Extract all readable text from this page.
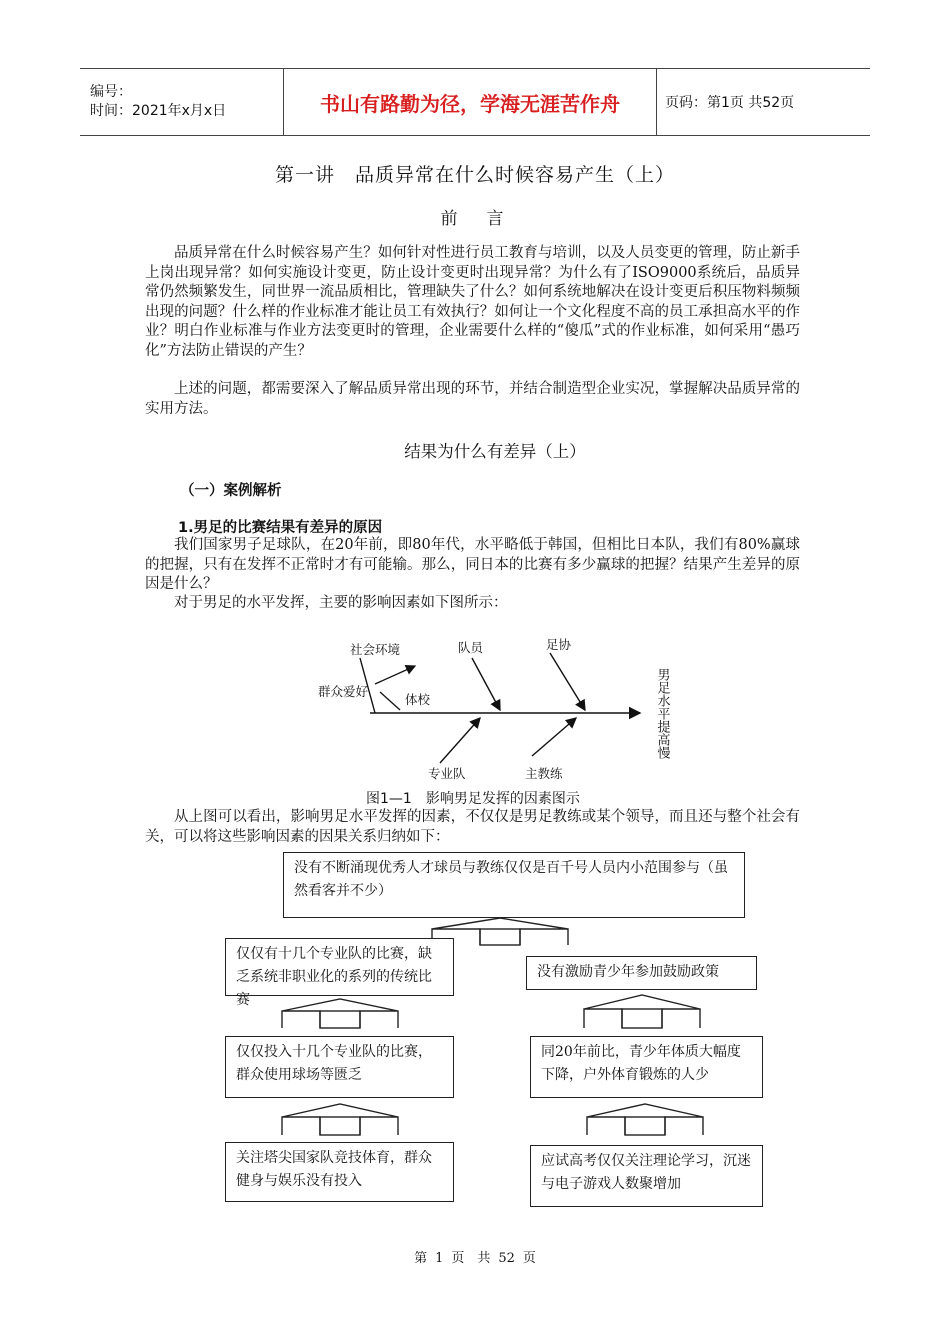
编号：
时间：2021年x月x日	书山有路勤为径，学海无涯苦作舟	页码：第1页 共52页
第一讲　品质异常在什么时候容易产生（上）
前　言

品质异常在什么时候容易产生？如何针对性进行员工教育与培训，以及人员变更的管理，防止新手上岗出现异常？如何实施设计变更，防止设计变更时出现异常？为什么有了ISO9000系统后，品质异常仍然频繁发生，同世界一流品质相比，管理缺失了什么？如何系统地解决在设计变更后积压物料频频出现的问题？什么样的作业标准才能让员工有效执行？如何让一个文化程度不高的员工承担高水平的作业？明白作业标准与作业方法变更时的管理，企业需要什么样的“傻瓜”式的作业标准，如何采用“愚巧化”方法防止错误的产生？

上述的问题，都需要深入了解品质异常出现的环节，并结合制造型企业实况，掌握解决品质异常的实用方法。

结果为什么有差异（上）
（一）案例解析
1.男足的比赛结果有差异的原因

我们国家男子足球队，在20年前，即80年代，水平略低于韩国，但相比日本队，我们有80%赢球的把握，只有在发挥不正常时才有可能输。那么，同日本的比赛有多少赢球的把握？结果产生差异的原因是什么？

对于男足的水平发挥，主要的影响因素如下图所示：

社会环境	队员	足协
群众爱好
体校
专业队	主教练
男足水平提高慢
图1—1　影响男足发挥的因素图示

从上图可以看出，影响男足水平发挥的因素，不仅仅是男足教练或某个领导，而且还与整个社会有关，可以将这些影响因素的因果关系归纳如下：

没有不断涌现优秀人才球员与教练仅仅是百千号人员内小范围参与（虽然看客并不少）
仅仅有十几个专业队的比赛，缺乏系统非职业化的系列的传统比赛
没有激励青少年参加鼓励政策
仅仅投入十几个专业队的比赛，群众使用球场等匮乏
同20年前比，青少年体质大幅度下降，户外体育锻炼的人少
关注塔尖国家队竞技体育，群众健身与娱乐没有投入
应试高考仅仅关注理论学习，沉迷与电子游戏人数聚增加
第 1 页　共 52 页
